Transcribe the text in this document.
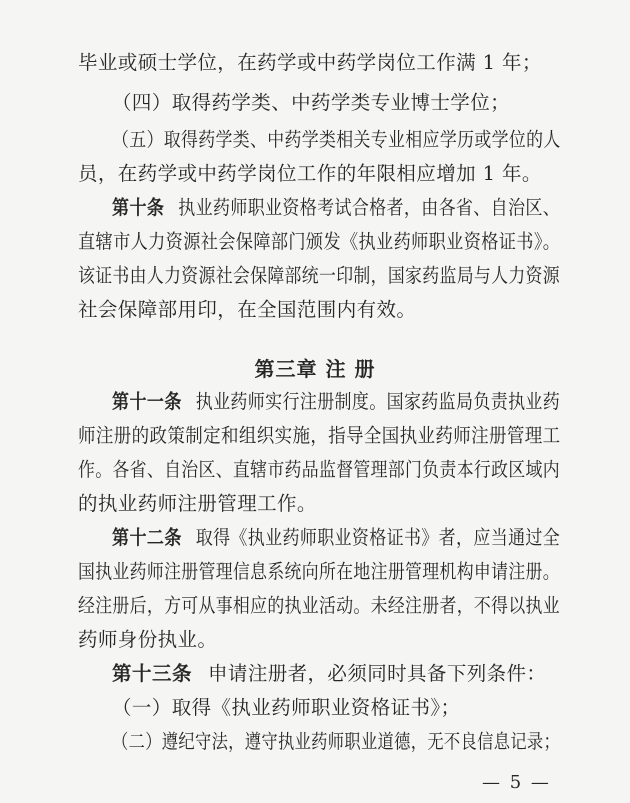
毕业或硕士学位，在药学或中药学岗位工作满 1 年；
（四）取得药学类、中药学类专业博士学位；
（五）取得药学类、中药学类相关专业相应学历或学位的人
员，在药学或中药学岗位工作的年限相应增加 1 年。
第十条 执业药师职业资格考试合格者，由各省、自治区、
直辖市人力资源社会保障部门颁发《执业药师职业资格证书》。
该证书由人力资源社会保障部统一印制，国家药监局与人力资源
社会保障部用印，在全国范围内有效。
第三章 注 册
第十一条 执业药师实行注册制度。国家药监局负责执业药
师注册的政策制定和组织实施，指导全国执业药师注册管理工
作。各省、自治区、直辖市药品监督管理部门负责本行政区域内
的执业药师注册管理工作。
第十二条 取得《执业药师职业资格证书》者，应当通过全
国执业药师注册管理信息系统向所在地注册管理机构申请注册。
经注册后，方可从事相应的执业活动。未经注册者，不得以执业
药师身份执业。
第十三条 申请注册者，必须同时具备下列条件：
（一）取得《执业药师职业资格证书》；
（二）遵纪守法，遵守执业药师职业道德，无不良信息记录；
— 5 —
